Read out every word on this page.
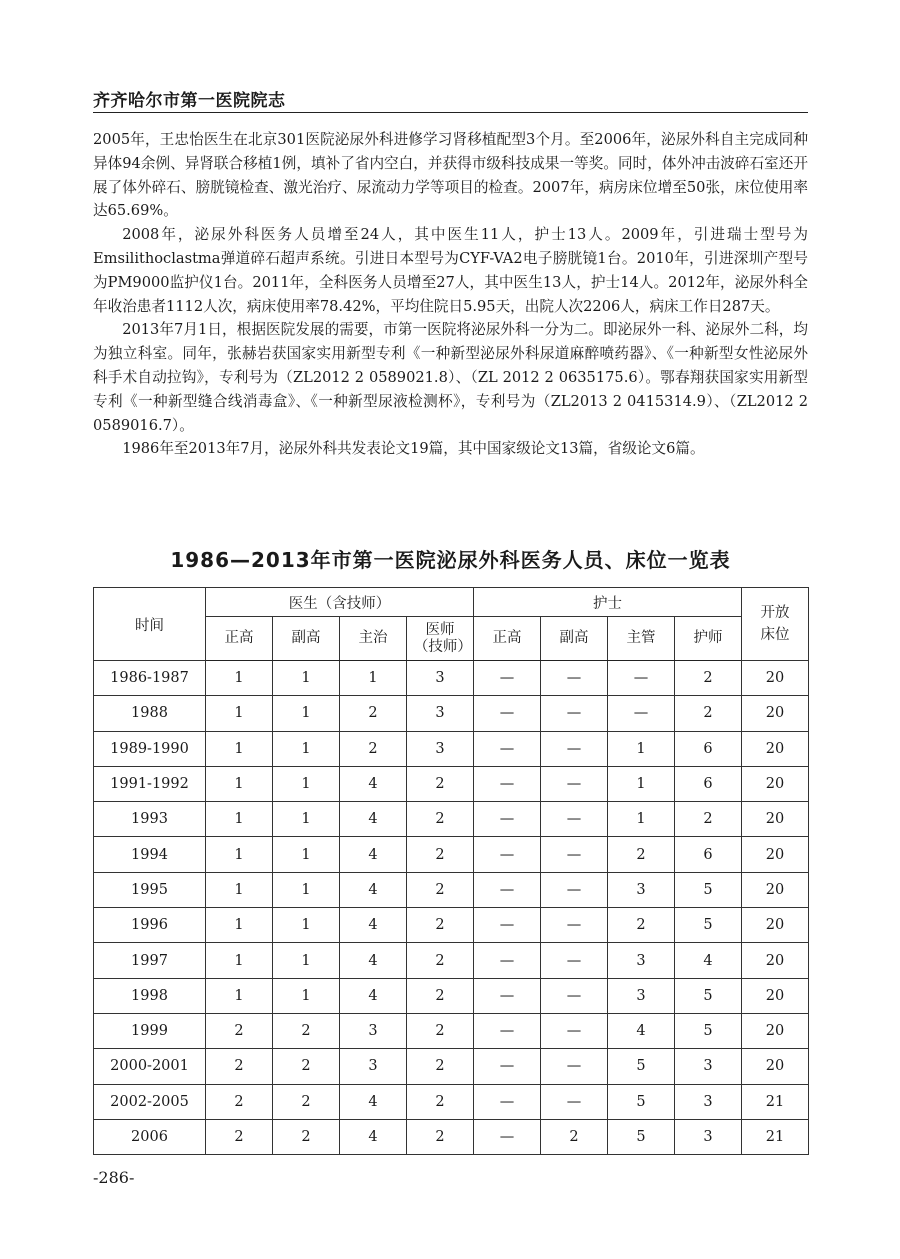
齐齐哈尔市第一医院院志

2005年，王忠怡医生在北京301医院泌尿外科进修学习肾移植配型3个月。至2006年，泌尿外科自主完成同种异体94余例、异肾联合移植1例，填补了省内空白，并获得市级科技成果一等奖。同时，体外冲击波碎石室还开展了体外碎石、膀胱镜检查、激光治疗、尿流动力学等项目的检查。2007年，病房床位增至50张，床位使用率达65.69%。

2008年，泌尿外科医务人员增至24人，其中医生11人，护士13人。2009年，引进瑞士型号为Emsilithoclastma弹道碎石超声系统。引进日本型号为CYF-VA2电子膀胱镜1台。2010年，引进深圳产型号为PM9000监护仪1台。2011年，全科医务人员增至27人，其中医生13人，护士14人。2012年，泌尿外科全年收治患者1112人次，病床使用率78.42%，平均住院日5.95天，出院人次2206人，病床工作日287天。

2013年7月1日，根据医院发展的需要，市第一医院将泌尿外科一分为二。即泌尿外一科、泌尿外二科，均为独立科室。同年，张赫岩获国家实用新型专利《一种新型泌尿外科尿道麻醉喷药器》、《一种新型女性泌尿外科手术自动拉钩》，专利号为（ZL2012 2 0589021.8）、（ZL 2012 2 0635175.6）。鄂春翔获国家实用新型专利《一种新型缝合线消毒盒》、《一种新型尿液检测杯》，专利号为（ZL2013 2 0415314.9）、（ZL2012 2 0589016.7）。

1986年至2013年7月，泌尿外科共发表论文19篇，其中国家级论文13篇，省级论文6篇。

1986—2013年市第一医院泌尿外科医务人员、床位一览表
时间	医生（含技师）				护士				开放床位
	正高	副高	主治	医师（技师）	正高	副高	主管	护师	
1986-1987	1	1	1	3	—	—	—	2	20
1988	1	1	2	3	—	—	—	2	20
1989-1990	1	1	2	3	—	—	1	6	20
1991-1992	1	1	4	2	—	—	1	6	20
1993	1	1	4	2	—	—	1	2	20
1994	1	1	4	2	—	—	2	6	20
1995	1	1	4	2	—	—	3	5	20
1996	1	1	4	2	—	—	2	5	20
1997	1	1	4	2	—	—	3	4	20
1998	1	1	4	2	—	—	3	5	20
1999	2	2	3	2	—	—	4	5	20
2000-2001	2	2	3	2	—	—	5	3	20
2002-2005	2	2	4	2	—	—	5	3	21
2006	2	2	4	2	—	2	5	3	21
-286-
